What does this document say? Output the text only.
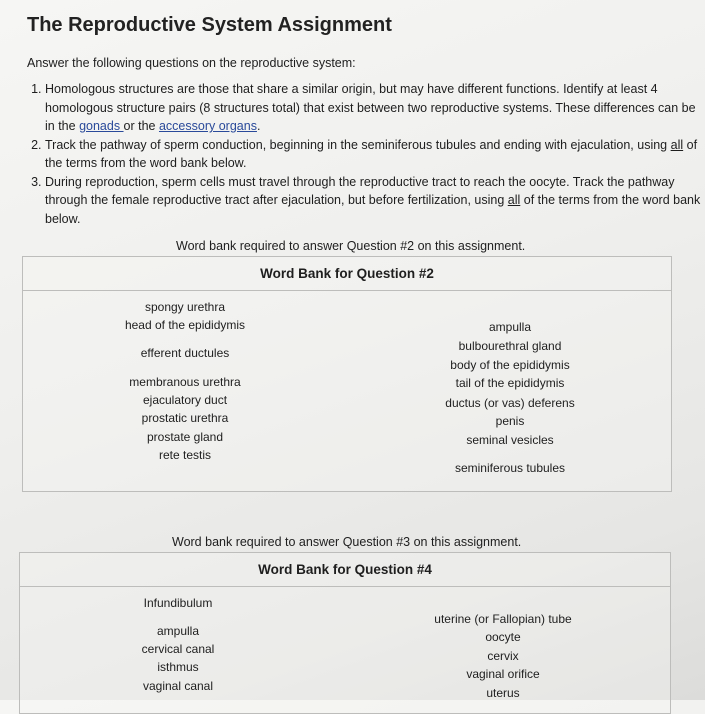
The Reproductive System Assignment
Answer the following questions on the reproductive system:
1. Homologous structures are those that share a similar origin, but may have different functions. Identify at least 4 homologous structure pairs (8 structures total) that exist between two reproductive systems. These differences can be in the gonads or the accessory organs.
2. Track the pathway of sperm conduction, beginning in the seminiferous tubules and ending with ejaculation, using all of the terms from the word bank below.
3. During reproduction, sperm cells must travel through the reproductive tract to reach the oocyte. Track the pathway through the female reproductive tract after ejaculation, but before fertilization, using all of the terms from the word bank below.
Word bank required to answer Question #2 on this assignment.
Word Bank for Question #2
spongy urethra
head of the epididymis
efferent ductules
membranous urethra
ejaculatory duct
prostatic urethra
prostate gland
rete testis
ampulla
bulbourethral gland
body of the epididymis
tail of the epididymis
ductus (or vas) deferens
penis
seminal vesicles
seminiferous tubules
Word bank required to answer Question #3 on this assignment.
Word Bank for Question #4
Infundibulum
ampulla
cervical canal
isthmus
vaginal canal
uterine (or Fallopian) tube
oocyte
cervix
vaginal orifice
uterus
